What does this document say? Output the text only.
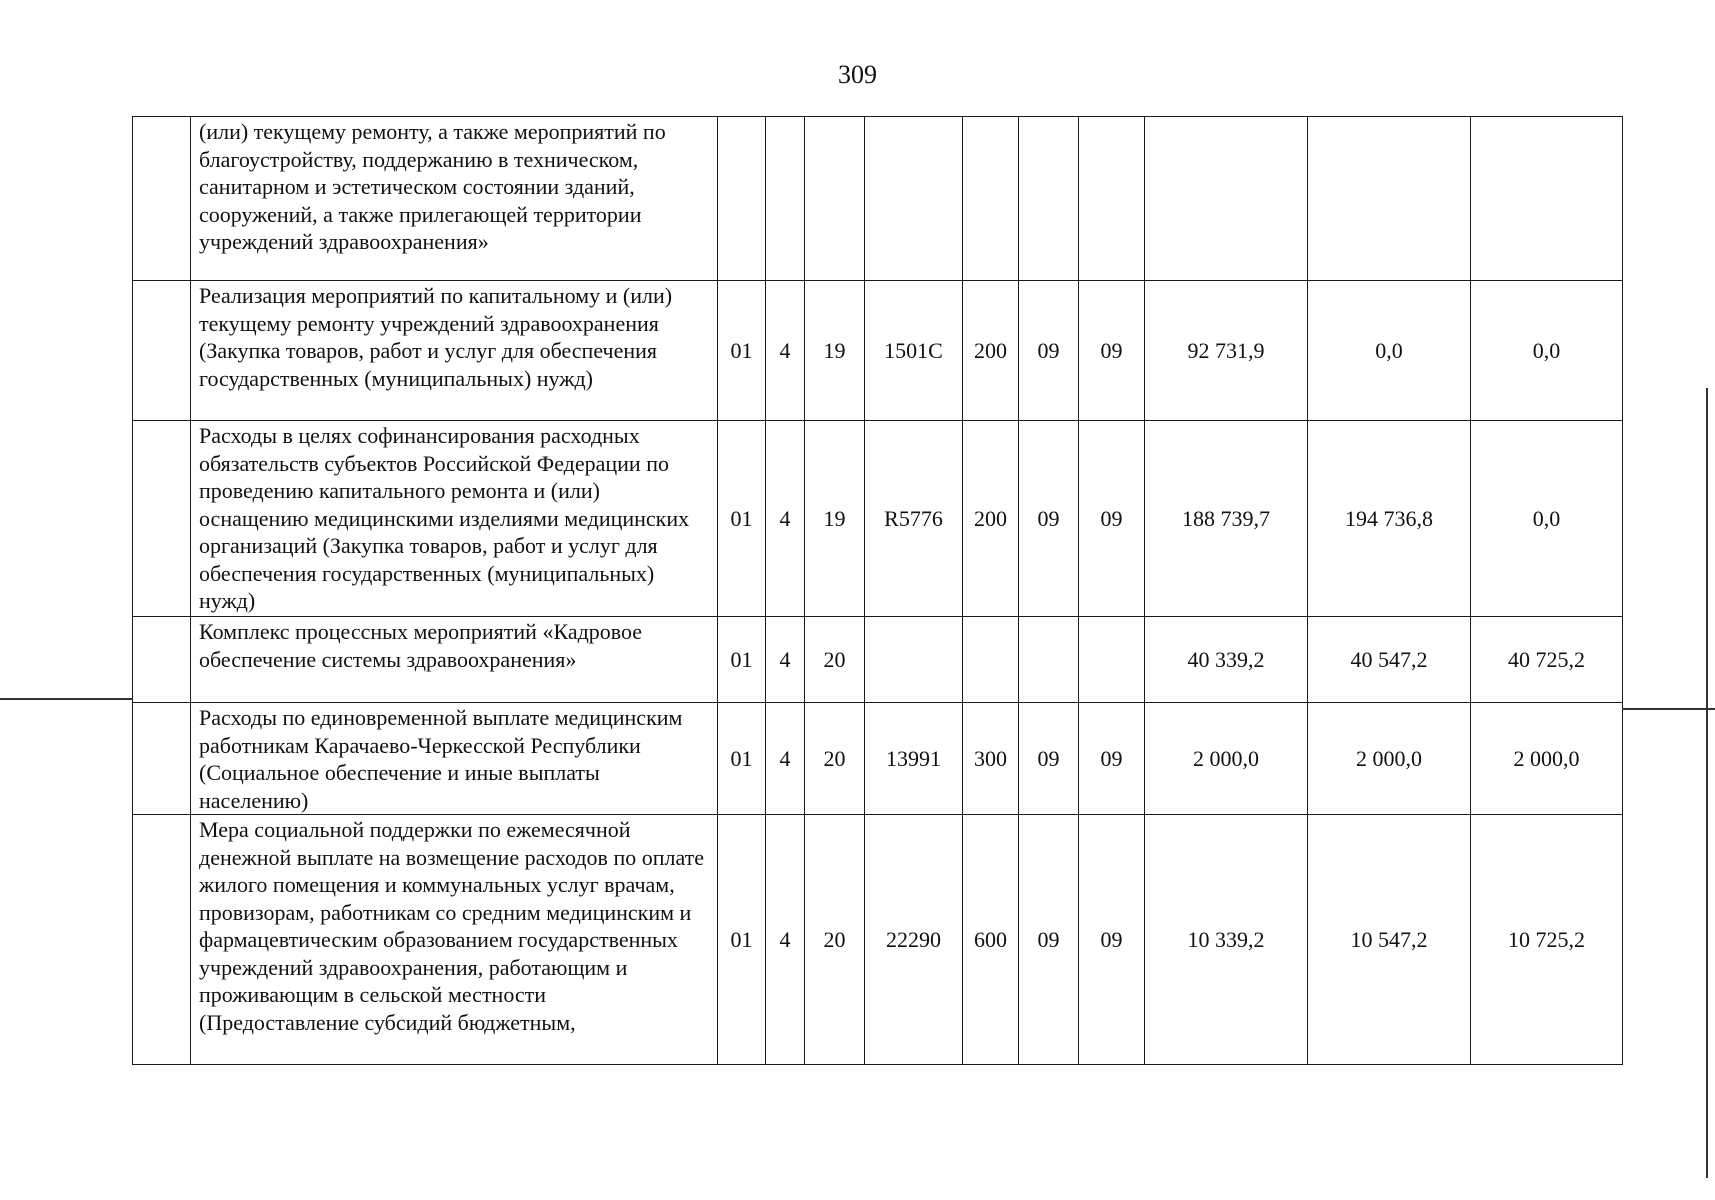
309
	(или) текущему ремонту, а также мероприятий по благоустройству, поддержанию в техническом, санитарном и эстетическом состоянии зданий, сооружений, а также прилегающей территории учреждений здравоохранения»										
	Реализация мероприятий по капитальному и (или) текущему ремонту учреждений здравоохранения (Закупка товаров, работ и услуг для обеспечения государственных (муниципальных) нужд)	01	4	19	1501С	200	09	09	92 731,9	0,0	0,0
	Расходы в целях софинансирования расходных обязательств субъектов Российской Федерации по проведению капитального ремонта и (или) оснащению медицинскими изделиями медицинских организаций (Закупка товаров, работ и услуг для обеспечения государственных (муниципальных) нужд)	01	4	19	R5776	200	09	09	188 739,7	194 736,8	0,0
	Комплекс процессных мероприятий «Кадровое обеспечение системы здравоохранения»	01	4	20					40 339,2	40 547,2	40 725,2
	Расходы по единовременной выплате медицинским работникам Карачаево-Черкесской Республики (Социальное обеспечение и иные выплаты населению)	01	4	20	13991	300	09	09	2 000,0	2 000,0	2 000,0
	Мера социальной поддержки по ежемесячной денежной выплате на возмещение расходов по оплате жилого помещения и коммунальных услуг врачам, провизорам, работникам со средним медицинским и фармацевтическим образованием государственных учреждений здравоохранения, работающим и проживающим в сельской местности (Предоставление субсидий бюджетным,	01	4	20	22290	600	09	09	10 339,2	10 547,2	10 725,2
